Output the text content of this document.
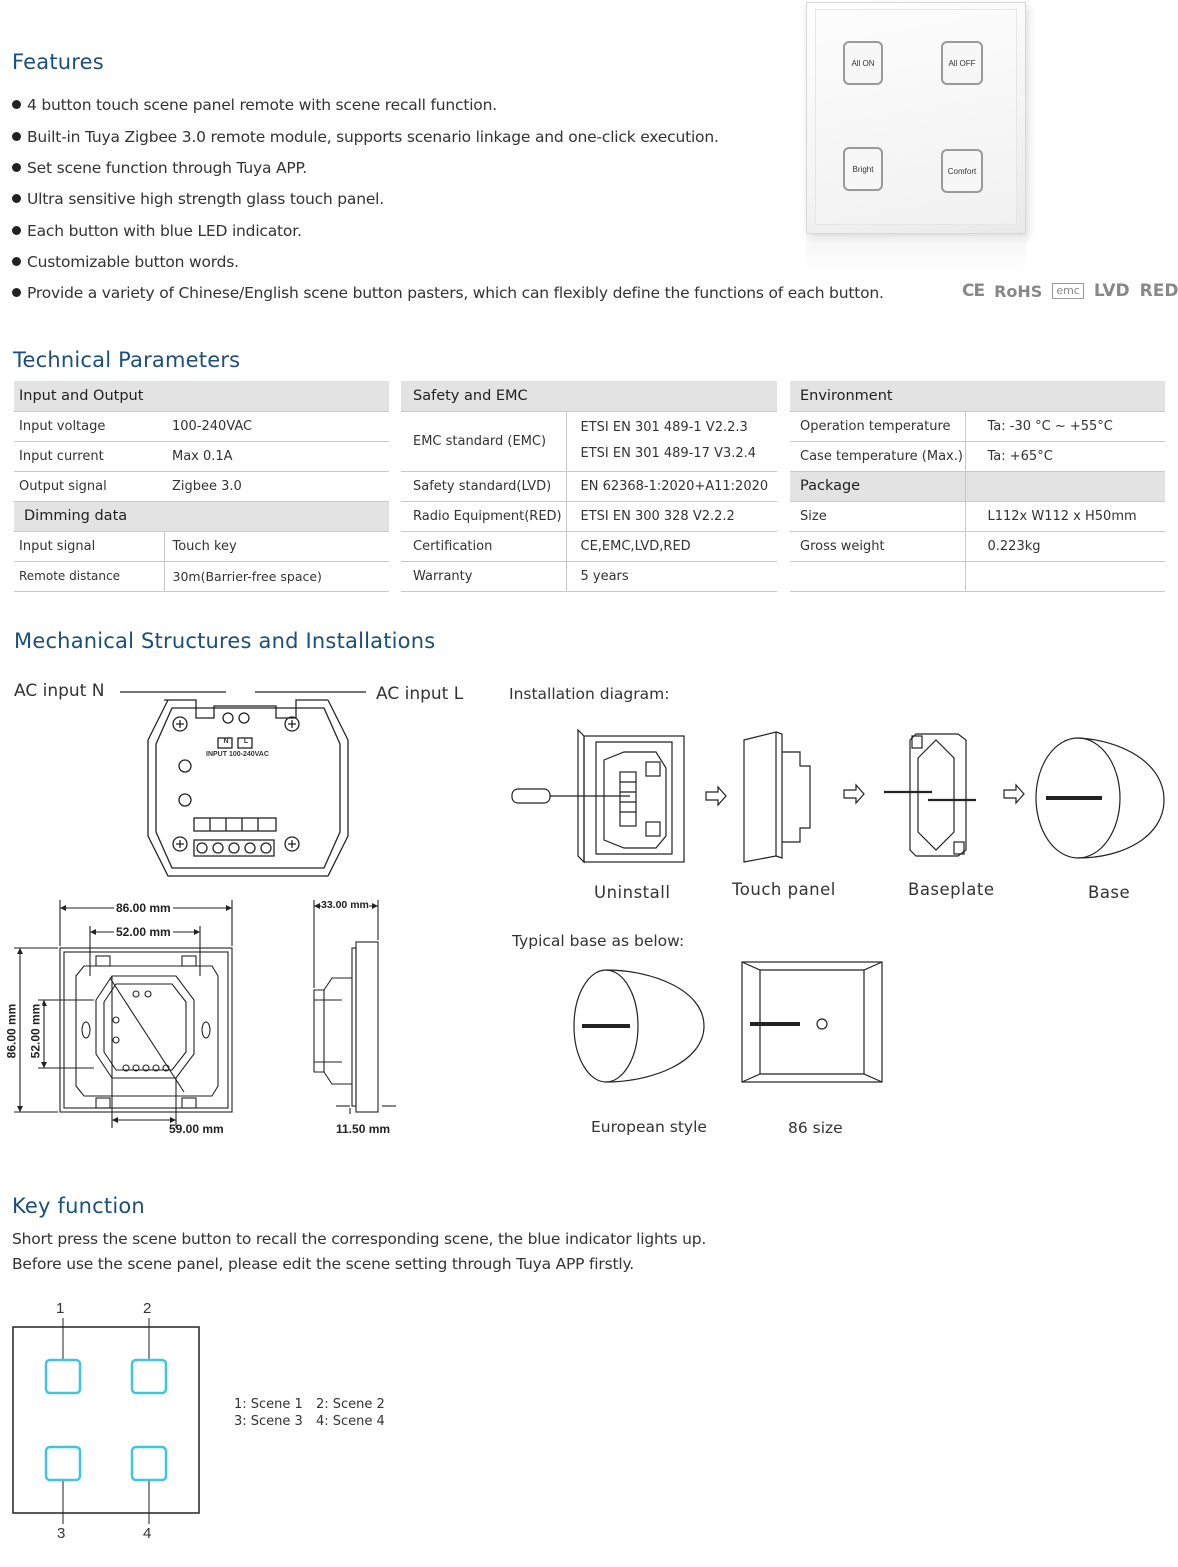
Features
4 button touch scene panel remote with scene recall function.
Built-in Tuya Zigbee 3.0 remote module, supports scenario linkage and one-click execution.
Set scene function through Tuya APP.
Ultra sensitive high strength glass touch panel.
Each button with blue LED indicator.
Customizable button words.
Provide a variety of Chinese/English scene button pasters, which can flexibly define the functions of each button.
All ON	All OFF
Bright	Comfort
CE RoHS	emc LVD RED
Technical Parameters
Input and Output	
Input voltage	100-240VAC
Input current	Max 0.1A
Output signal	Zigbee 3.0
Dimming data	
Input signal	Touch key
Remote distance	30m(Barrier-free space)
Safety and EMC	
EMC standard (EMC)	ETSI EN 301 489-1 V2.2.3
ETSI EN 301 489-17 V3.2.4

Safety standard(LVD)	EN 62368-1:2020+A11:2020
Radio Equipment(RED)	ETSI EN 300 328 V2.2.2
Certification	CE,EMC,LVD,RED
Warranty	5 years
Environment	
Operation temperature	Ta: -30 °C ~ +55°C
Case temperature (Max.)	Ta: +65°C
Package	
Size	L112x W112 x H50mm
Gross weight	0.223kg

Mechanical Structures and Installations
AC input N	AC input L
N	L
INPUT 100-240VAC
86.00 mm
52.00 mm
86.00 mm 52.00 mm
59.00 mm
33.00 mm
11.50 mm
Installation diagram:
Uninstall	Touch panel	Baseplate	Base
Typical base as below:
European style	86 size
Key function
Short press the scene button to recall the corresponding scene, the blue indicator lights up.
Before use the scene panel, please edit the scene setting through Tuya APP firstly.
1	2
3	4
1: Scene 1 2: Scene 2
3: Scene 3 4: Scene 4
